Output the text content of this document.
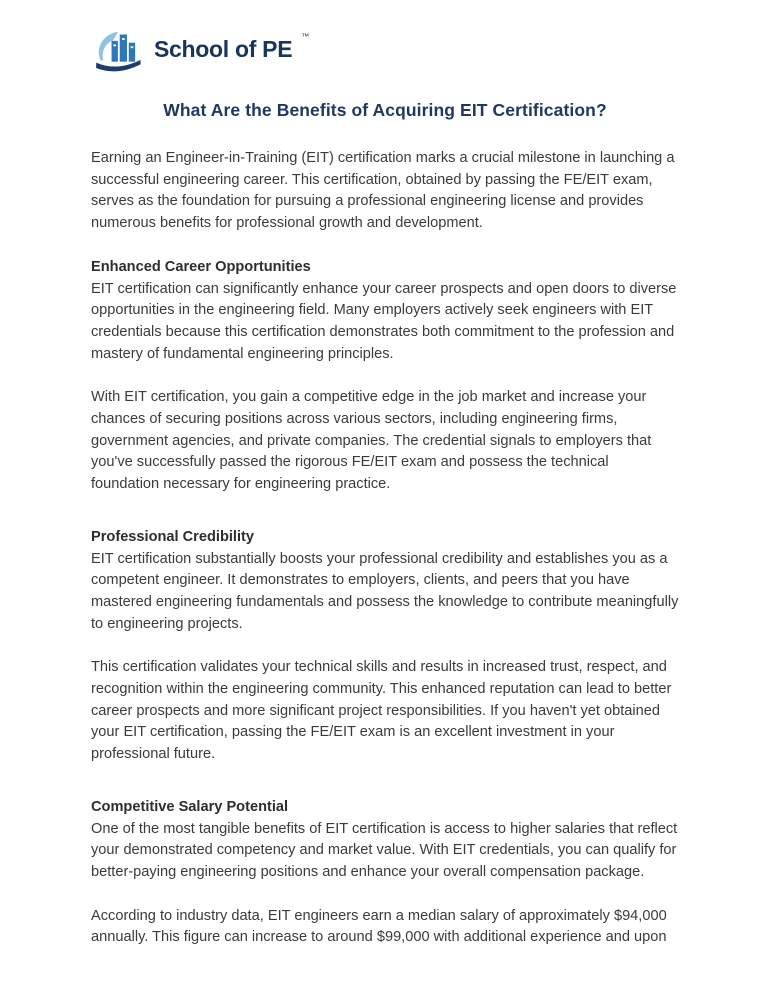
School of PE ™
What Are the Benefits of Acquiring EIT Certification?

Earning an Engineer-in-Training (EIT) certification marks a crucial milestone in launching a successful engineering career. This certification, obtained by passing the FE/EIT exam, serves as the foundation for pursuing a professional engineering license and provides numerous benefits for professional growth and development.

Enhanced Career Opportunities

EIT certification can significantly enhance your career prospects and open doors to diverse opportunities in the engineering field. Many employers actively seek engineers with EIT credentials because this certification demonstrates both commitment to the profession and mastery of fundamental engineering principles.

With EIT certification, you gain a competitive edge in the job market and increase your chances of securing positions across various sectors, including engineering firms, government agencies, and private companies. The credential signals to employers that you've successfully passed the rigorous FE/EIT exam and possess the technical foundation necessary for engineering practice.

Professional Credibility

EIT certification substantially boosts your professional credibility and establishes you as a competent engineer. It demonstrates to employers, clients, and peers that you have mastered engineering fundamentals and possess the knowledge to contribute meaningfully to engineering projects.

This certification validates your technical skills and results in increased trust, respect, and recognition within the engineering community. This enhanced reputation can lead to better career prospects and more significant project responsibilities. If you haven't yet obtained your EIT certification, passing the FE/EIT exam is an excellent investment in your professional future.

Competitive Salary Potential

One of the most tangible benefits of EIT certification is access to higher salaries that reflect your demonstrated competency and market value. With EIT credentials, you can qualify for better-paying engineering positions and enhance your overall compensation package.

According to industry data, EIT engineers earn a median salary of approximately $94,000 annually. This figure can increase to around $99,000 with additional experience and upon
